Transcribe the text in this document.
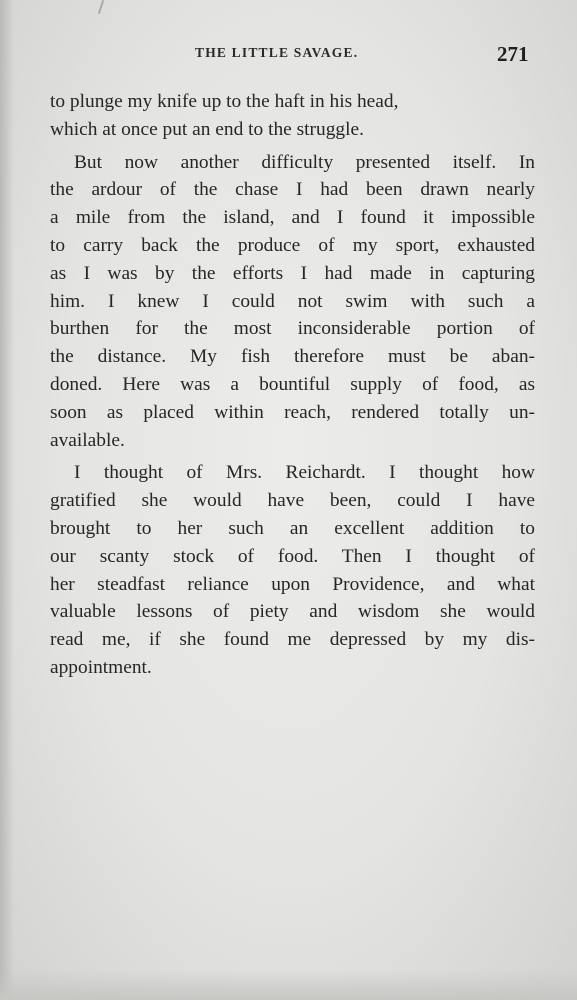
THE LITTLE SAVAGE.	271
to plunge my knife up to the haft in his head,
which at once put an end to the struggle.
But now another difficulty presented itself. In
the ardour of the chase I had been drawn nearly
a mile from the island, and I found it impossible
to carry back the produce of my sport, exhausted
as I was by the efforts I had made in capturing
him. I knew I could not swim with such a
burthen for the most inconsiderable portion of
the distance. My fish therefore must be aban-
doned. Here was a bountiful supply of food, as
soon as placed within reach, rendered totally un-
available.
I thought of Mrs. Reichardt. I thought how
gratified she would have been, could I have
brought to her such an excellent addition to
our scanty stock of food. Then I thought of
her steadfast reliance upon Providence, and what
valuable lessons of piety and wisdom she would
read me, if she found me depressed by my dis-
appointment.
